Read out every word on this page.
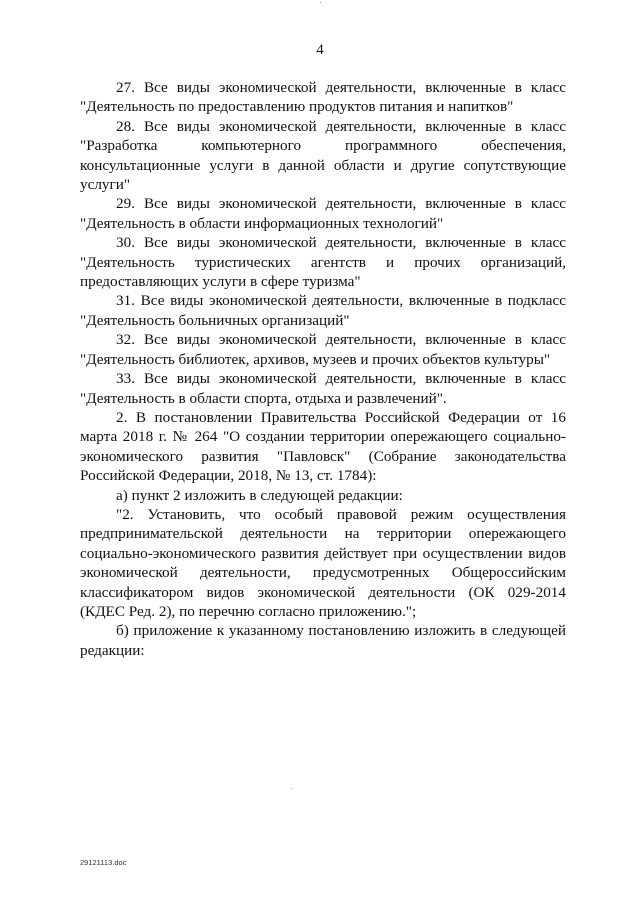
4

27. Все виды экономической деятельности, включенные в класс "Деятельность по предоставлению продуктов питания и напитков"

28. Все виды экономической деятельности, включенные в класс "Разработка компьютерного программного обеспечения, консультационные услуги в данной области и другие сопутствующие услуги"

29. Все виды экономической деятельности, включенные в класс "Деятельность в области информационных технологий"

30. Все виды экономической деятельности, включенные в класс "Деятельность туристических агентств и прочих организаций, предоставляющих услуги в сфере туризма"

31. Все виды экономической деятельности, включенные в подкласс "Деятельность больничных организаций"

32. Все виды экономической деятельности, включенные в класс "Деятельность библиотек, архивов, музеев и прочих объектов культуры"

33. Все виды экономической деятельности, включенные в класс "Деятельность в области спорта, отдыха и развлечений".

2. В постановлении Правительства Российской Федерации от 16 марта 2018 г. № 264 "О создании территории опережающего социально-экономического развития "Павловск" (Собрание законодательства Российской Федерации, 2018, № 13, ст. 1784):

а) пункт 2 изложить в следующей редакции:

"2. Установить, что особый правовой режим осуществления предпринимательской деятельности на территории опережающего социально-экономического развития действует при осуществлении видов экономической деятельности, предусмотренных Общероссийским классификатором видов экономической деятельности (ОК 029-2014 (КДЕС Ред. 2), по перечню согласно приложению.";

б) приложение к указанному постановлению изложить в следующей редакции:

29121113.doc
